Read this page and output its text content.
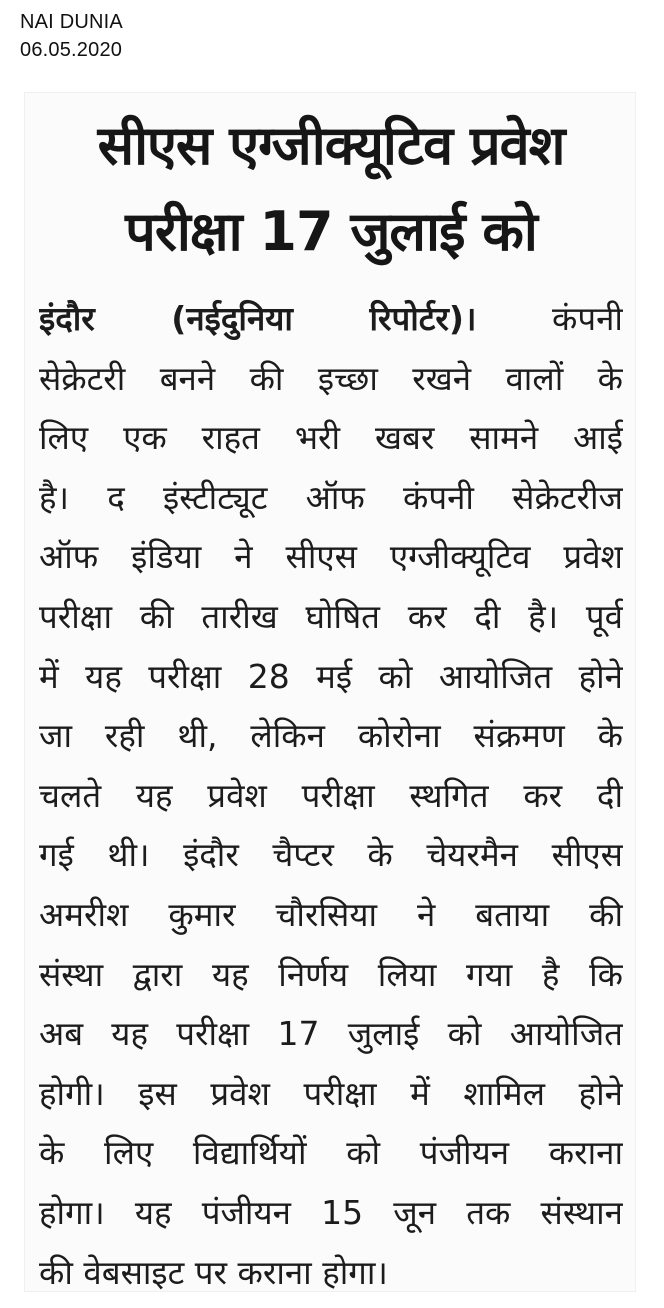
NAI DUNIA
06.05.2020
सीएस एग्जीक्यूटिव प्रवेश
परीक्षा 17 जुलाई को
इंदौर (नईदुनिया रिपोर्टर)। कंपनी
सेक्रेटरी बनने की इच्छा रखने वालों के
लिए एक राहत भरी खबर सामने आई
है। द इंस्टीट्यूट ऑफ कंपनी सेक्रेटरीज
ऑफ इंडिया ने सीएस एग्जीक्यूटिव प्रवेश
परीक्षा की तारीख घोषित कर दी है। पूर्व
में यह परीक्षा 28 मई को आयोजित होने
जा रही थी, लेकिन कोरोना संक्रमण के
चलते यह प्रवेश परीक्षा स्थगित कर दी
गई थी। इंदौर चैप्टर के चेयरमैन सीएस
अमरीश कुमार चौरसिया ने बताया की
संस्था द्वारा यह निर्णय लिया गया है कि
अब यह परीक्षा 17 जुलाई को आयोजित
होगी। इस प्रवेश परीक्षा में शामिल होने
के लिए विद्यार्थियों को पंजीयन कराना
होगा। यह पंजीयन 15 जून तक संस्थान
की वेबसाइट पर कराना होगा।
